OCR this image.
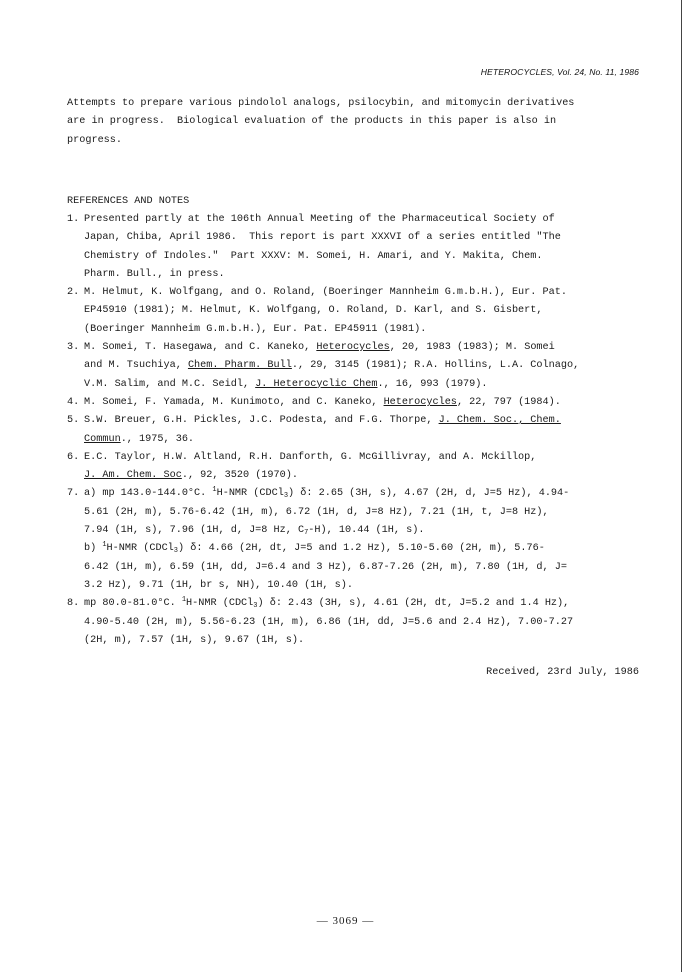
HETEROCYCLES, Vol. 24, No. 11, 1986
Attempts to prepare various pindolol analogs, psilocybin, and mitomycin derivatives
are in progress.  Biological evaluation of the products in this paper is also in
progress.
REFERENCES AND NOTES
1. Presented partly at the 106th Annual Meeting of the Pharmaceutical Society of
Japan, Chiba, April 1986.  This report is part XXXVI of a series entitled "The
Chemistry of Indoles."  Part XXXV: M. Somei, H. Amari, and Y. Makita, Chem.
Pharm. Bull., in press.
2. M. Helmut, K. Wolfgang, and O. Roland, (Boeringer Mannheim G.m.b.H.), Eur. Pat.
EP45910 (1981); M. Helmut, K. Wolfgang, O. Roland, D. Karl, and S. Gisbert,
(Boeringer Mannheim G.m.b.H.), Eur. Pat. EP45911 (1981).
3. M. Somei, T. Hasegawa, and C. Kaneko, Heterocycles, 20, 1983 (1983); M. Somei
and M. Tsuchiya, Chem. Pharm. Bull., 29, 3145 (1981); R.A. Hollins, L.A. Colnago,
V.M. Salim, and M.C. Seidl, J. Heterocyclic Chem., 16, 993 (1979).
4. M. Somei, F. Yamada, M. Kunimoto, and C. Kaneko, Heterocycles, 22, 797 (1984).
5. S.W. Breuer, G.H. Pickles, J.C. Podesta, and F.G. Thorpe, J. Chem. Soc., Chem.
Commun., 1975, 36.
6. E.C. Taylor, H.W. Altland, R.H. Danforth, G. McGillivray, and A. Mckillop,
J. Am. Chem. Soc., 92, 3520 (1970).
7. a) mp 143.0-144.0°C. $^1$H-NMR (CDCl$_3$) δ: 2.65 (3H, s), 4.67 (2H, d, J=5 Hz), 4.94-
5.61 (2H, m), 5.76-6.42 (1H, m), 6.72 (1H, d, J=8 Hz), 7.21 (1H, t, J=8 Hz),
7.94 (1H, s), 7.96 (1H, d, J=8 Hz, $C_7-H$), 10.44 (1H, s).
b) $^1$H-NMR (CDCl$_3$) δ: 4.66 (2H, dt, J=5 and 1.2 Hz), 5.10-5.60 (2H, m), 5.76-
6.42 (1H, m), 6.59 (1H, dd, J=6.4 and 3 Hz), 6.87-7.26 (2H, m), 7.80 (1H, d, J=
3.2 Hz), 9.71 (1H, br s, NH), 10.40 (1H, s).
8. mp 80.0-81.0°C. $^1$H-NMR (CDCl$_3$) δ: 2.43 (3H, s), 4.61 (2H, dt, J=5.2 and 1.4 Hz),
4.90-5.40 (2H, m), 5.56-6.23 (1H, m), 6.86 (1H, dd, J=5.6 and 2.4 Hz), 7.00-7.27
(2H, m), 7.57 (1H, s), 9.67 (1H, s).
Received, 23rd July, 1986
— 3069 —
